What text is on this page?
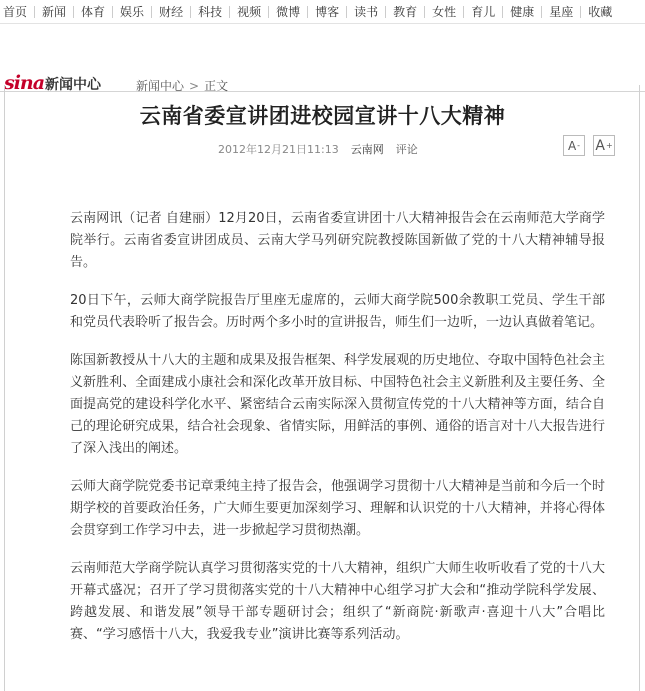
首页	新闻	体育	娱乐	财经	科技	视频	微博	博客	读书	教育	女性	育儿	健康	星座	收藏
sina 新闻中心	新闻中心 > 正文
云南省委宣讲团进校园宣讲十八大精神
2012年12月21日11:13 云南网 评论	A - A +

云南网讯（记者 自建丽）12月20日，云南省委宣讲团十八大精神报告会在云南师范大学商学院举行。云南省委宣讲团成员、云南大学马列研究院教授陈国新做了党的十八大精神辅导报告。

20日下午，云师大商学院报告厅里座无虚席的，云师大商学院500余教职工党员、学生干部和党员代表聆听了报告会。历时两个多小时的宣讲报告，师生们一边听，一边认真做着笔记。

陈国新教授从十八大的主题和成果及报告框架、科学发展观的历史地位、夺取中国特色社会主义新胜利、全面建成小康社会和深化改革开放目标、中国特色社会主义新胜利及主要任务、全面提高党的建设科学化水平、紧密结合云南实际深入贯彻宣传党的十八大精神等方面，结合自己的理论研究成果，结合社会现象、省情实际，用鲜活的事例、通俗的语言对十八大报告进行了深入浅出的阐述。

云师大商学院党委书记章秉纯主持了报告会，他强调学习贯彻十八大精神是当前和今后一个时期学校的首要政治任务，广大师生要更加深刻学习、理解和认识党的十八大精神，并将心得体会贯穿到工作学习中去，进一步掀起学习贯彻热潮。

云南师范大学商学院认真学习贯彻落实党的十八大精神，组织广大师生收听收看了党的十八大开幕式盛况；召开了学习贯彻落实党的十八大精神中心组学习扩大会和“推动学院科学发展、跨越发展、和谐发展”领导干部专题研讨会；组织了“新商院·新歌声·喜迎十八大”合唱比赛、“学习感悟十八大，我爱我专业”演讲比赛等系列活动。
